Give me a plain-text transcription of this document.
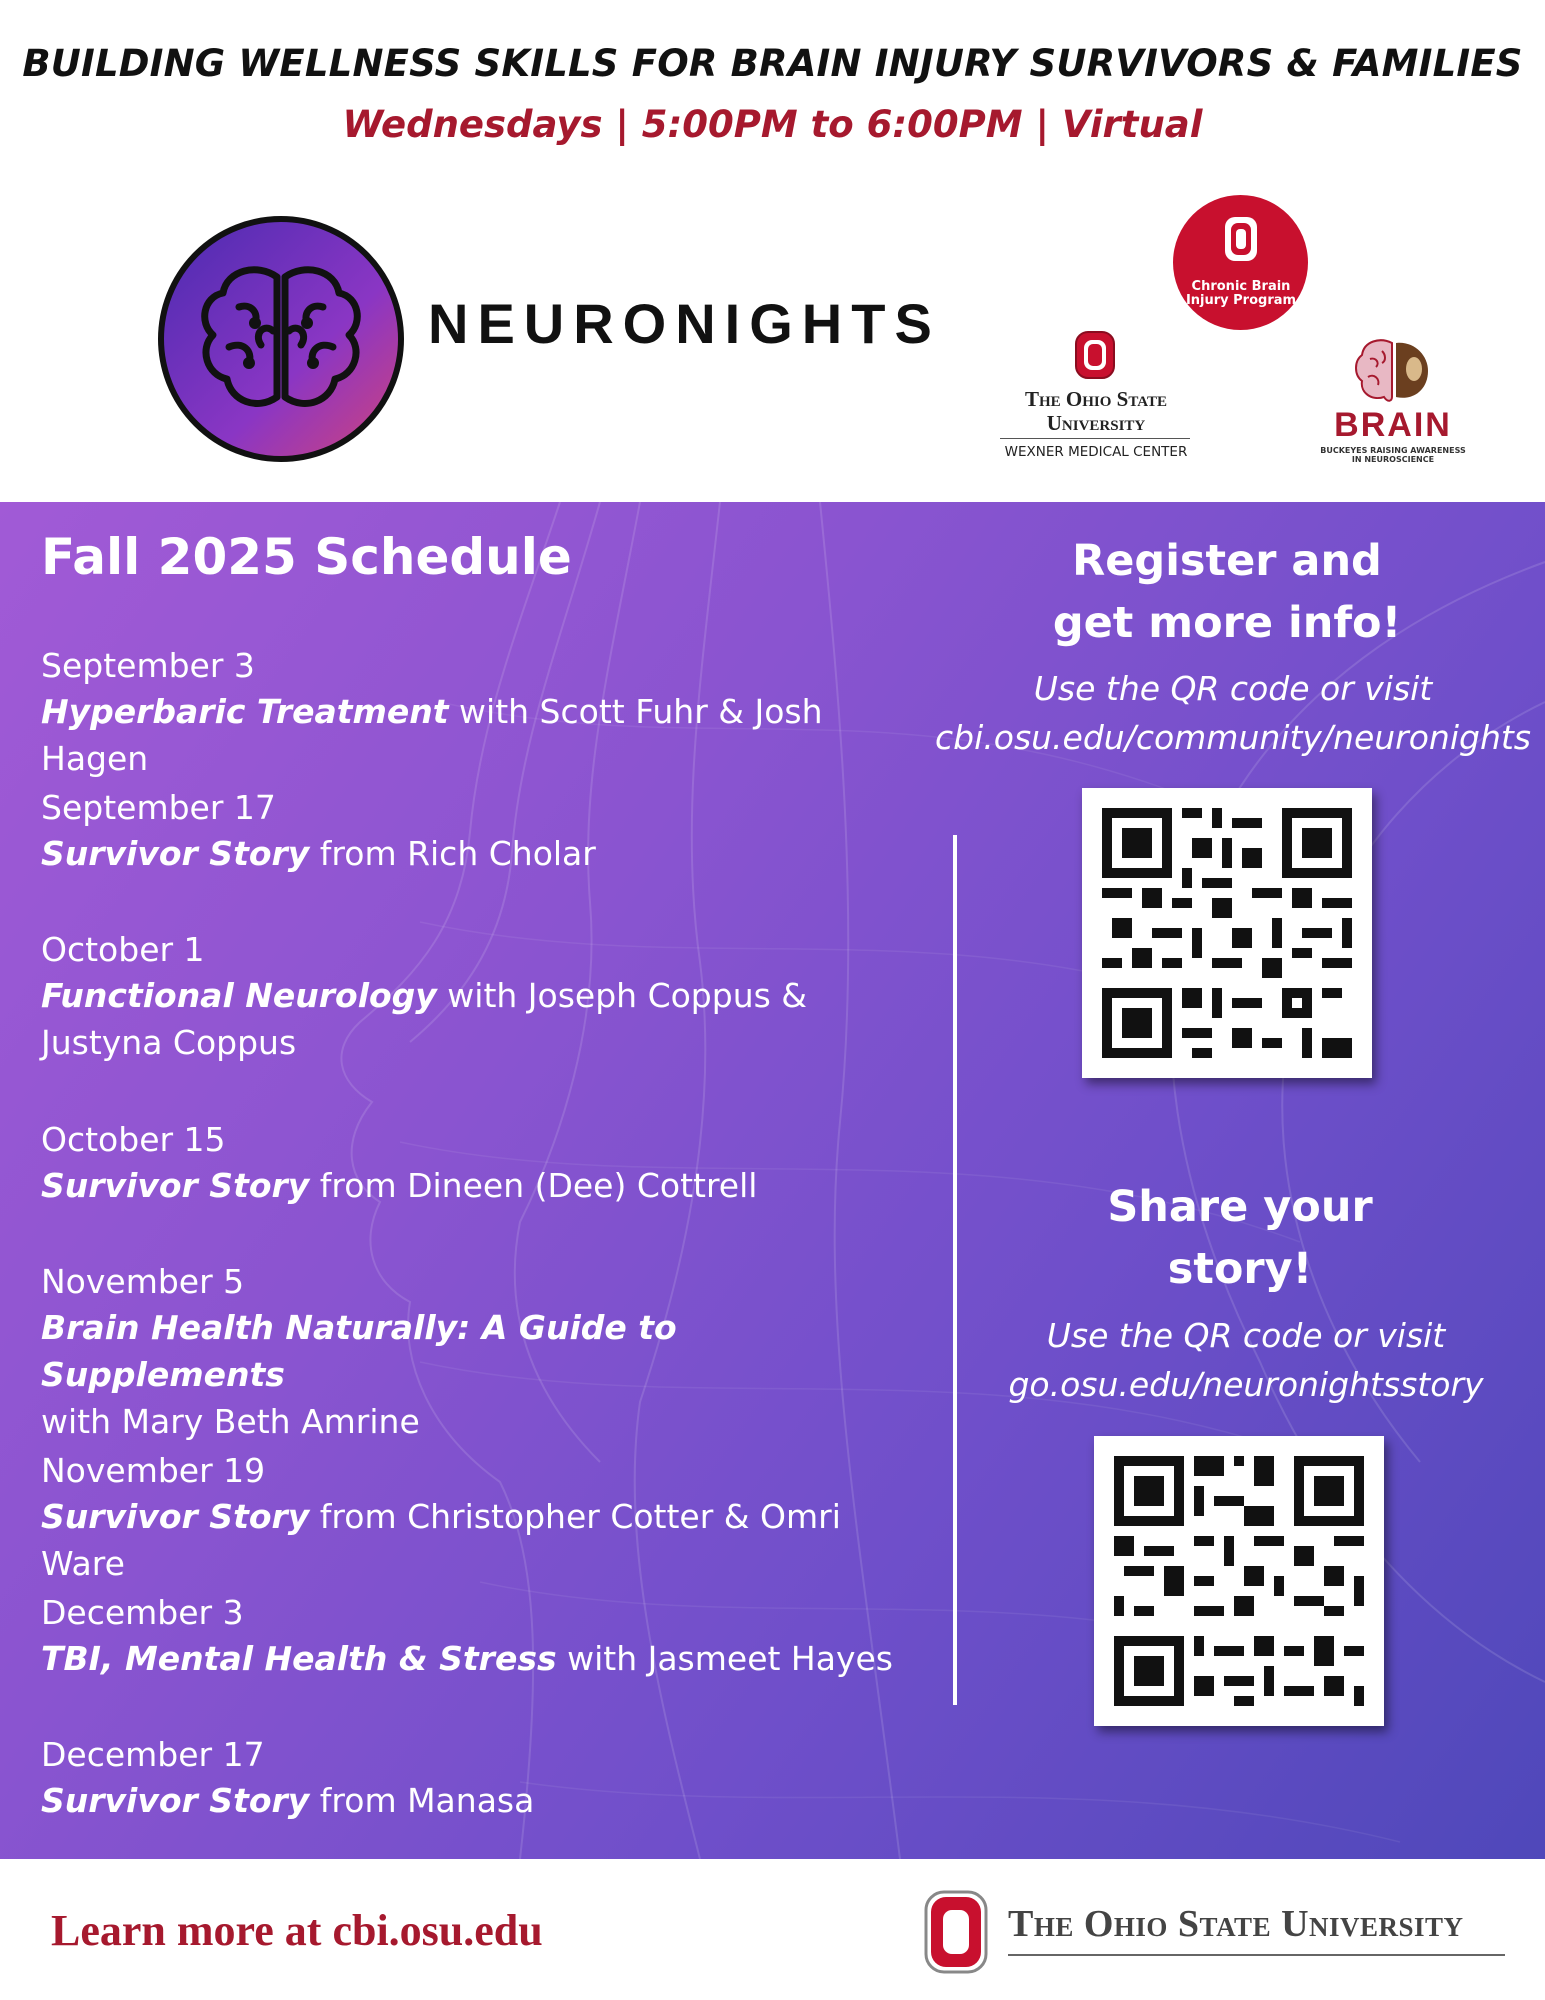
BUILDING WELLNESS SKILLS FOR BRAIN INJURY SURVIVORS & FAMILIES
Wednesdays | 5:00PM to 6:00PM | Virtual
NEURONIGHTS
Chronic Brain
Injury Program
The Ohio State
University
WEXNER MEDICAL CENTER
BRAIN
BUCKEYES RAISING AWARENESS
IN NEUROSCIENCE
Fall 2025 Schedule
September 3
Hyperbaric Treatment with Scott Fuhr & Josh Hagen
September 17
Survivor Story from Rich Cholar
October 1
Functional Neurology with Joseph Coppus & Justyna Coppus
October 15
Survivor Story from Dineen (Dee) Cottrell
November 5
Brain Health Naturally: A Guide to Supplements
with Mary Beth Amrine
November 19
Survivor Story from Christopher Cotter & Omri Ware
December 3
TBI, Mental Health & Stress with Jasmeet Hayes
December 17
Survivor Story from Manasa
Register and
get more info!
Use the QR code or visit
cbi.osu.edu/community/neuronights
Share your
story!
Use the QR code or visit
go.osu.edu/neuronightsstory
Learn more at cbi.osu.edu	The Ohio State University
